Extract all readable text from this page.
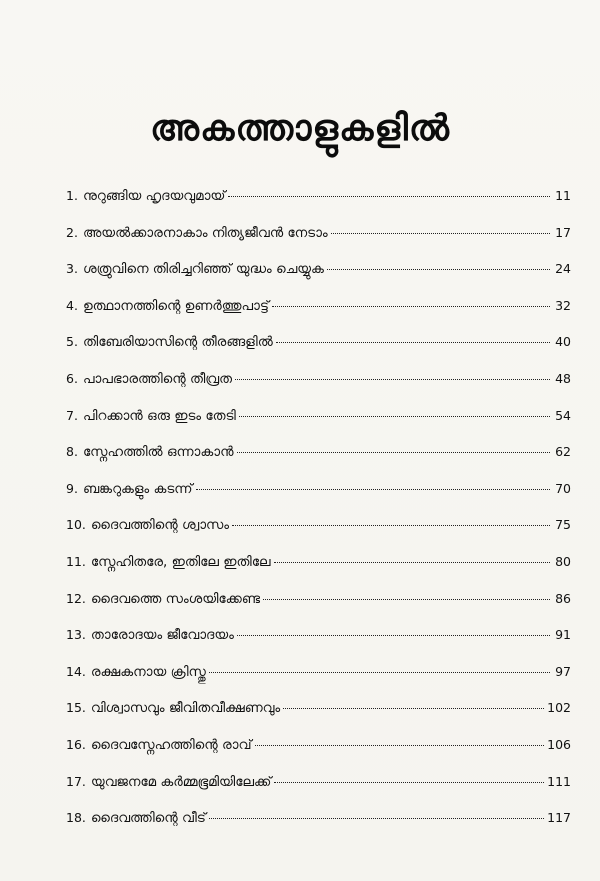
അകത്താളുകളിൽ
1. നുറുങ്ങിയ ഹൃദയവുമായ്	11
2. അയൽക്കാരനാകാം നിത്യജീവൻ നേടാം	17
3. ശത്രുവിനെ തിരിച്ചറിഞ്ഞ് യുദ്ധം ചെയ്യുക	24
4. ഉത്ഥാനത്തിന്റെ ഉണർത്തുപാട്ട്	32
5. തിബേരിയാസിന്റെ തീരങ്ങളിൽ	40
6. പാപഭാരത്തിന്റെ തീവ്രത	48
7. പിറക്കാൻ ഒരു ഇടം തേടി	54
8. സ്നേഹത്തിൽ ഒന്നാകാൻ	62
9. ബങ്കറുകളും കടന്ന്	70
10. ദൈവത്തിന്റെ ശ്വാസം	75
11. സ്നേഹിതരേ, ഇതിലേ ഇതിലേ	80
12. ദൈവത്തെ സംശയിക്കേണ്ട	86
13. താരോദയം ജീവോദയം	91
14. രക്ഷകനായ ക്രിസ്തു	97
15. വിശ്വാസവും ജീവിതവീക്ഷണവും	102
16. ദൈവസ്നേഹത്തിന്റെ രാവ്	106
17. യുവജനമേ കർമ്മഭൂമിയിലേക്ക്	111
18. ദൈവത്തിന്റെ വീട്	117
